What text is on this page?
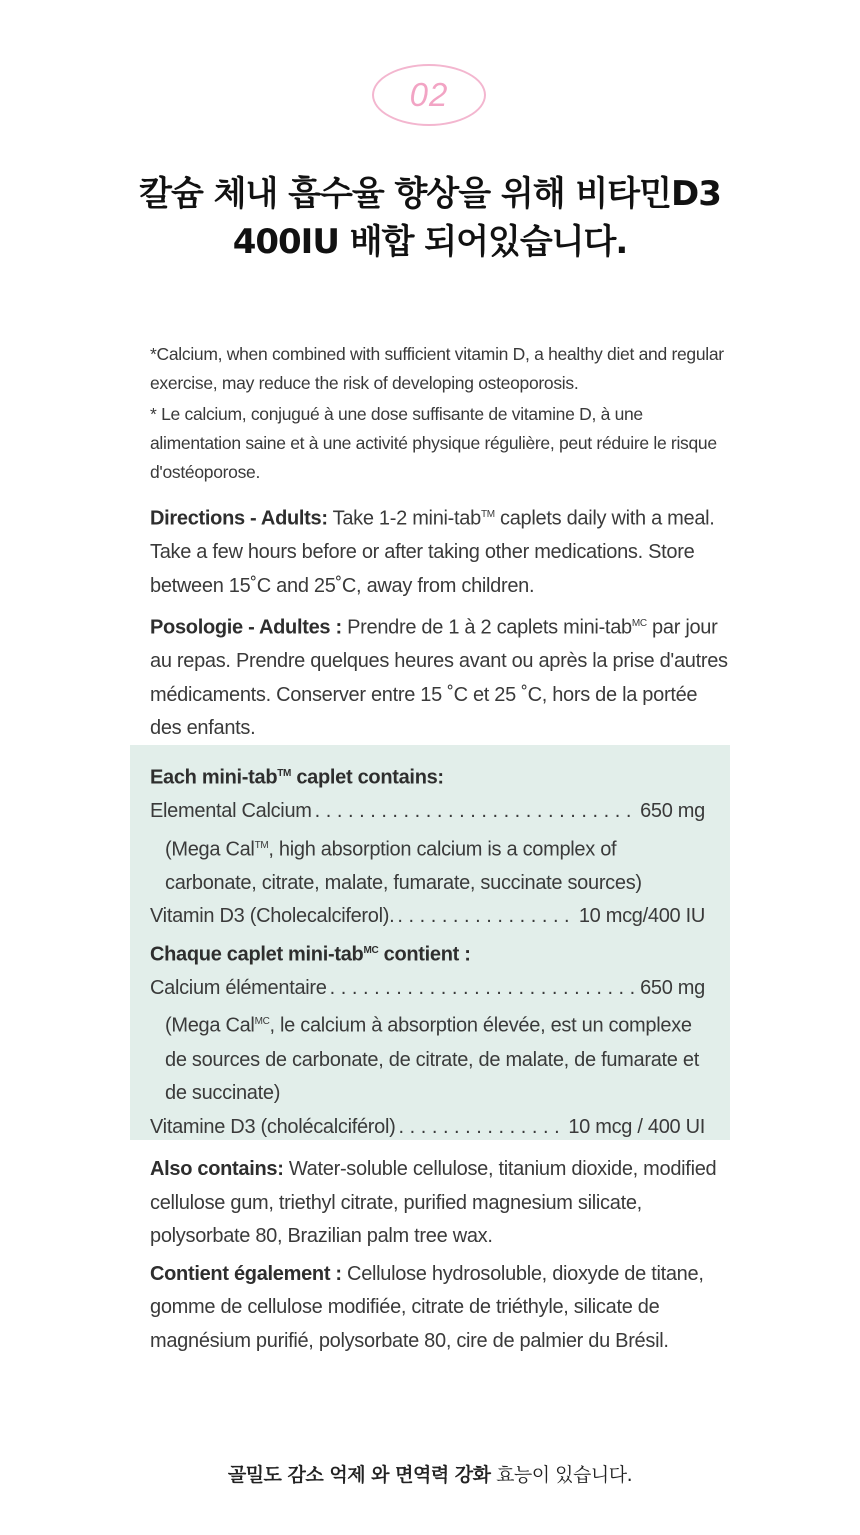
02
칼슘 체내 흡수율 향상을 위해 비타민D3
400IU 배합 되어있습니다.

*Calcium, when combined with sufficient vitamin D, a healthy diet and regular exercise, may reduce the risk of developing osteoporosis.

* Le calcium, conjugué à une dose suffisante de vitamine D, à une alimentation saine et à une activité physique régulière, peut réduire le risque d'ostéoporose.

Directions - Adults: Take 1-2 mini-tab™ caplets daily with a meal. Take a few hours before or after taking other medications. Store between 15˚C and 25˚C, away from children.

Posologie - Adultes : Prendre de 1 à 2 caplets mini-tab$^{MC}$ par jour au repas. Prendre quelques heures avant ou après la prise d'autres médicaments. Conserver entre 15 ˚C et 25 ˚C, hors de la portée des enfants.

Each mini-tab™ caplet contains:
Elemental Calcium . . .	650 mg
(Mega Cal™, high absorption calcium is a complex of carbonate, citrate, malate, fumarate, succinate sources)
Vitamin D3 (Cholecalciferol). . . .	10 mcg/400 IU
Chaque caplet mini-tab$^{MC}$ contient :
Calcium élémentaire . . .	650 mg
(Mega Cal$^{MC}$, le calcium à absorption élevée, est un complexe de sources de carbonate, de citrate, de malate, de fumarate et de succinate)
Vitamine D3 (cholécalciférol) . . .	10 mcg / 400 UI

Also contains: Water-soluble cellulose, titanium dioxide, modified cellulose gum, triethyl citrate, purified magnesium silicate, polysorbate 80, Brazilian palm tree wax.

Contient également : Cellulose hydrosoluble, dioxyde de titane, gomme de cellulose modifiée, citrate de triéthyle, silicate de magnésium purifié, polysorbate 80, cire de palmier du Brésil.

골밀도 감소 억제 와 면역력 강화 효능이 있습니다.
